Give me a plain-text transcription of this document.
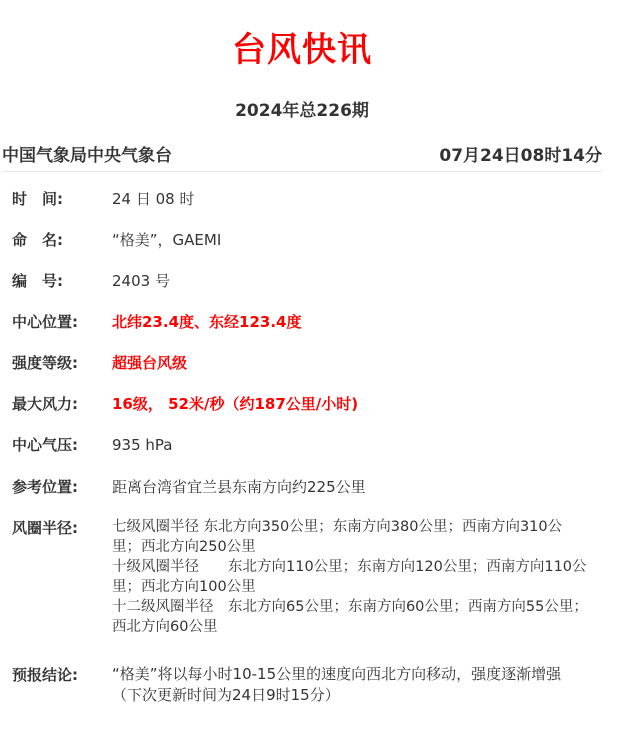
台风快讯
2024年总226期
中国气象局中央气象台	07月24日08时14分
时　间:	24 日 08 时
命　名:	“格美”，GAEMI
编　号:	2403 号
中心位置: 北纬23.4度、东经123.4度
强度等级: 超强台风级
最大风力: 16级， 52米/秒（约187公里/小时)
中心气压: 935 hPa
参考位置: 距离台湾省宜兰县东南方向约225公里
风圈半径: 七级风圈半径 东北方向350公里；东南方向380公里；西南方向310公里；西北方向250公里
十级风圈半径　　东北方向110公里；东南方向120公里；西南方向110公里；西北方向100公里
十二级风圈半径　东北方向65公里；东南方向60公里；西南方向55公里；西北方向60公里
预报结论: “格美”将以每小时10-15公里的速度向西北方向移动，强度逐渐增强
（下次更新时间为24日9时15分）
